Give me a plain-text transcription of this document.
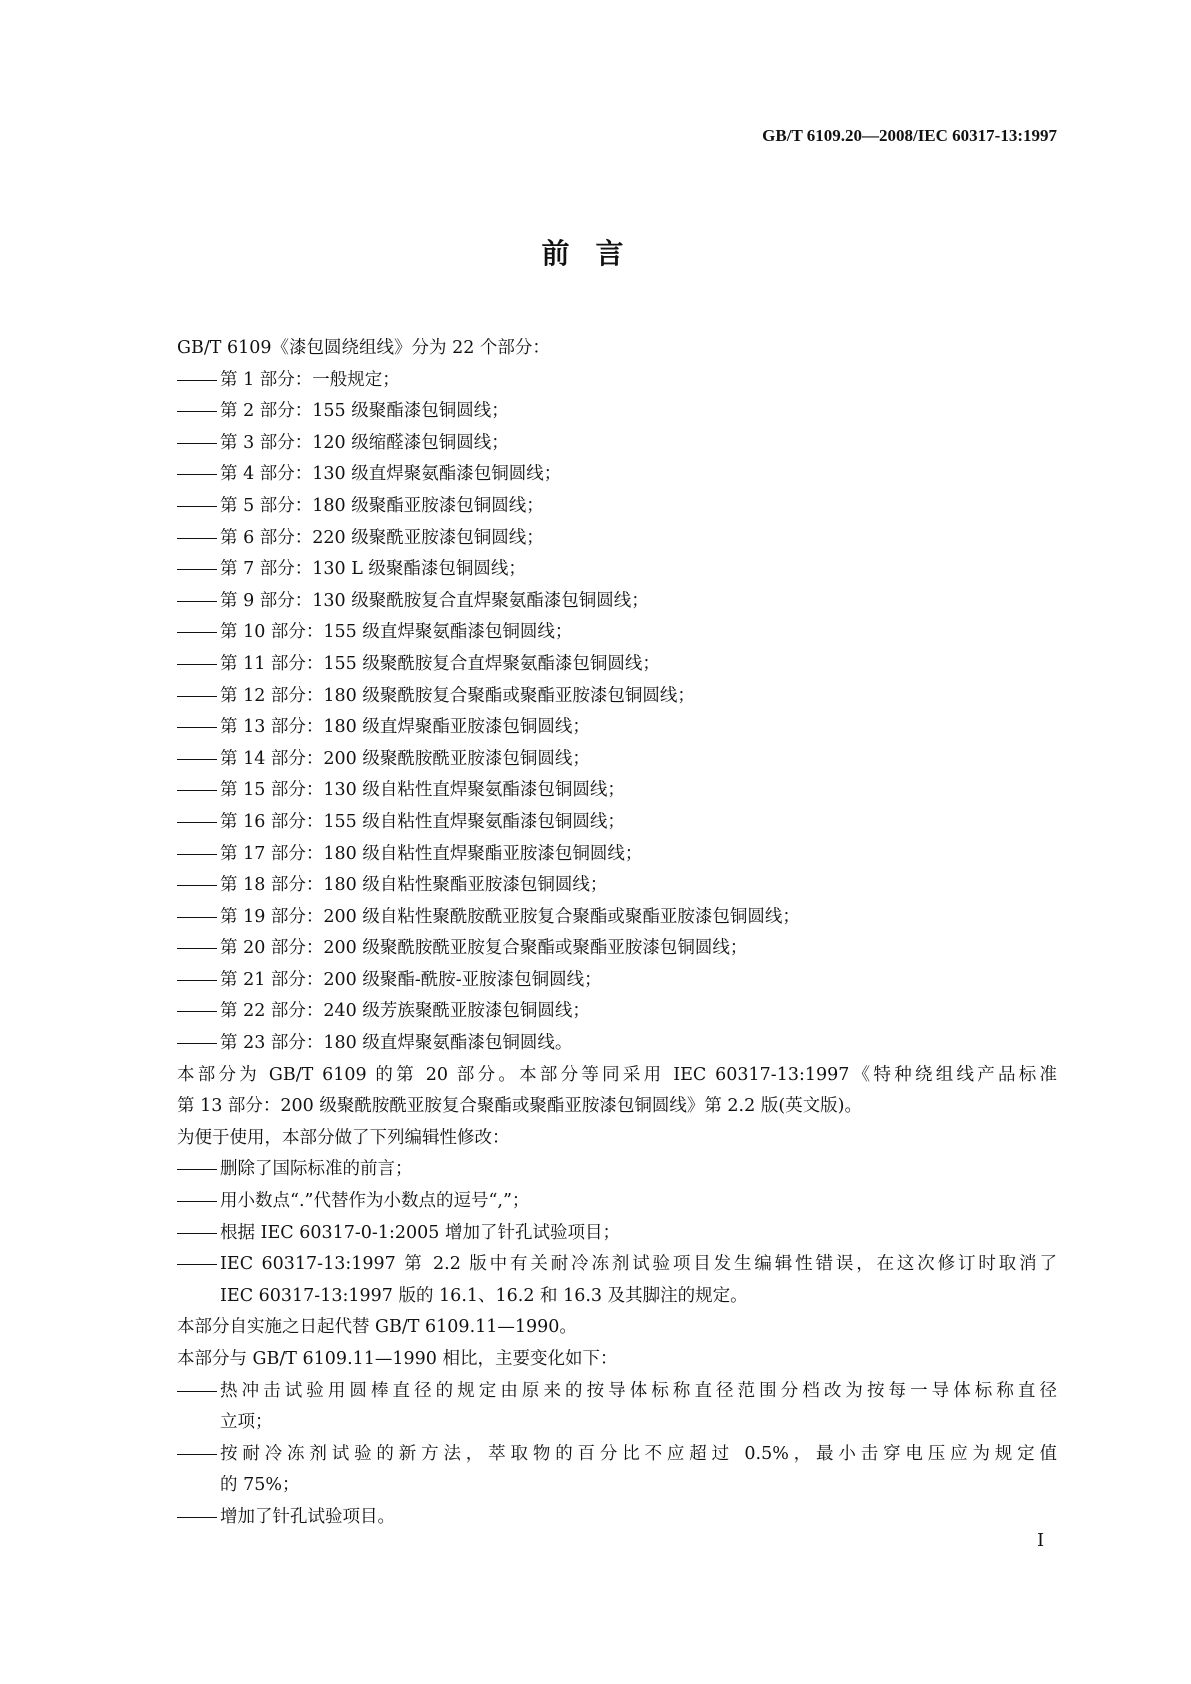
GB/T 6109.20—2008/IEC 60317-13:1997
前言
GB/T 6109《漆包圆绕组线》分为 22 个部分：
第 1 部分：一般规定；
第 2 部分：155 级聚酯漆包铜圆线；
第 3 部分：120 级缩醛漆包铜圆线；
第 4 部分：130 级直焊聚氨酯漆包铜圆线；
第 5 部分：180 级聚酯亚胺漆包铜圆线；
第 6 部分：220 级聚酰亚胺漆包铜圆线；
第 7 部分：130 L 级聚酯漆包铜圆线；
第 9 部分：130 级聚酰胺复合直焊聚氨酯漆包铜圆线；
第 10 部分：155 级直焊聚氨酯漆包铜圆线；
第 11 部分：155 级聚酰胺复合直焊聚氨酯漆包铜圆线；
第 12 部分：180 级聚酰胺复合聚酯或聚酯亚胺漆包铜圆线；
第 13 部分：180 级直焊聚酯亚胺漆包铜圆线；
第 14 部分：200 级聚酰胺酰亚胺漆包铜圆线；
第 15 部分：130 级自粘性直焊聚氨酯漆包铜圆线；
第 16 部分：155 级自粘性直焊聚氨酯漆包铜圆线；
第 17 部分：180 级自粘性直焊聚酯亚胺漆包铜圆线；
第 18 部分：180 级自粘性聚酯亚胺漆包铜圆线；
第 19 部分：200 级自粘性聚酰胺酰亚胺复合聚酯或聚酯亚胺漆包铜圆线；
第 20 部分：200 级聚酰胺酰亚胺复合聚酯或聚酯亚胺漆包铜圆线；
第 21 部分：200 级聚酯-酰胺-亚胺漆包铜圆线；
第 22 部分：240 级芳族聚酰亚胺漆包铜圆线；
第 23 部分：180 级直焊聚氨酯漆包铜圆线。
本部分为 GB/T 6109 的第 20 部分。本部分等同采用 IEC 60317-13:1997《特种绕组线产品标准
第 13 部分：200 级聚酰胺酰亚胺复合聚酯或聚酯亚胺漆包铜圆线》第 2.2 版(英文版)。
为便于使用，本部分做了下列编辑性修改：
删除了国际标准的前言；
用小数点“.”代替作为小数点的逗号“,”；
根据 IEC 60317-0-1:2005 增加了针孔试验项目；
IEC 60317-13:1997 第 2.2 版中有关耐冷冻剂试验项目发生编辑性错误，在这次修订时取消了
IEC 60317-13:1997 版的 16.1、16.2 和 16.3 及其脚注的规定。
本部分自实施之日起代替 GB/T 6109.11—1990。
本部分与 GB/T 6109.11—1990 相比，主要变化如下：
热冲击试验用圆棒直径的规定由原来的按导体标称直径范围分档改为按每一导体标称直径
立项；
按耐冷冻剂试验的新方法，萃取物的百分比不应超过 0.5%，最小击穿电压应为规定值
的 75%；
增加了针孔试验项目。
I
